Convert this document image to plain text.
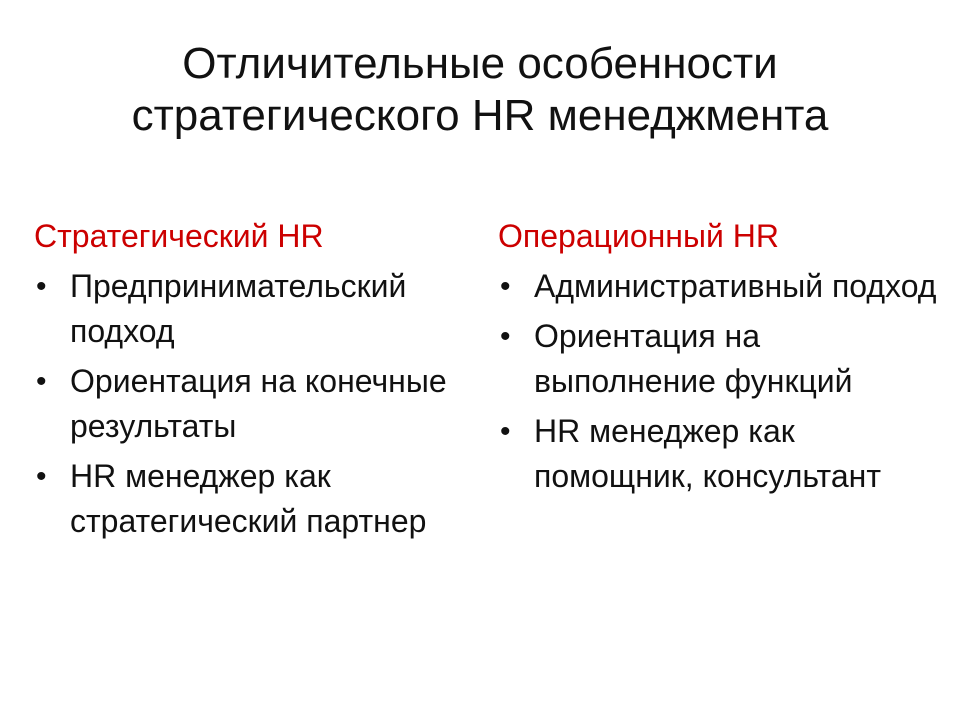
Отличительные особенности
стратегического HR менеджмента
Стратегический HR
• Предпринимательский подход
• Ориентация на конечные результаты
• HR менеджер как стратегический партнер
Операционный HR
• Административный подход
• Ориентация на выполнение функций
• HR менеджер как помощник, консультант
